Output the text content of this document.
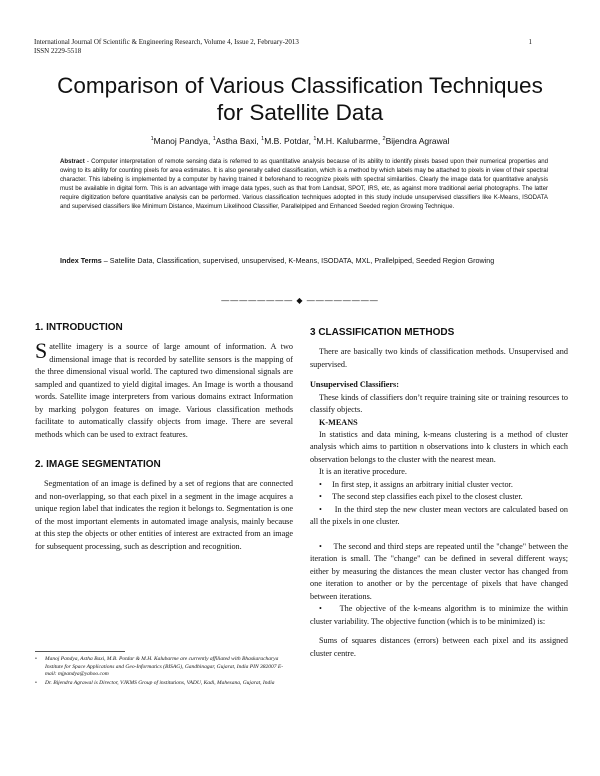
International Journal Of Scientific & Engineering Research, Volume 4, Issue 2, February-2013
ISSN 2229-5518
1
Comparison of Various Classification Techniques
for Satellite Data
$^1$Manoj Pandya, $^1$Astha Baxi, $^1$M.B. Potdar, $^1$M.H. Kalubarme, $^2$Bijendra Agrawal
Abstract - Computer interpretation of remote sensing data is referred to as quantitative analysis because of its ability to identify pixels based upon their numerical properties and owing to its ability for counting pixels for area estimates. It is also generally called classification, which is a method by which labels may be attached to pixels in view of their spectral character. This labeling is implemented by a computer by having trained it beforehand to recognize pixels with spectral similarities. Clearly the image data for quantitative analysis must be available in digital form. This is an advantage with image data types, such as that from Landsat, SPOT, IRS, etc, as against more traditional aerial photographs. The latter require digitization before quantitative analysis can be performed. Various classification techniques adopted in this study include unsupervised classifiers like K-Means, ISODATA and supervised classifiers like Minimum Distance, Maximum Likelihood Classifier, Parallelpiped and Enhanced Seeded region Growing Technique.
Index Terms – Satellite Data, Classification, supervised, unsupervised, K-Means, ISODATA, MXL, Prallelpiped, Seeded Region Growing
———————— ◆ ————————
1. INTRODUCTION

Satellite imagery is a source of large amount of information. A two dimensional image that is recorded by satellite sensors is the mapping of the three dimensional visual world. The captured two dimensional signals are sampled and quantized to yield digital images. An Image is worth a thousand words. Satellite image interpreters from various domains extract Information by marking polygon features on image. Various classification methods facilitate to automatically classify objects from image. There are several methods which can be used to extract features.

2. IMAGE SEGMENTATION

Segmentation of an image is defined by a set of regions that are connected and non-overlapping, so that each pixel in a segment in the image acquires a unique region label that indicates the region it belongs to. Segmentation is one of the most important elements in automated image analysis, mainly because at this step the objects or other entities of interest are extracted from an image for subsequent processing, such as description and recognition.

• Manoj Pandya, Astha Baxi, M.B. Potdar & M.H. Kalubarme are currently affiliated with Bhaskaracharya Institute for Space Applications and Geo-Informatics (BISAG), Gandhinagar, Gujarat, India PIN 382007 E-mail: mjpandya@yahoo.com
• Dr. Bijendra Agrawal is Director, VJKMS Group of institutions, VADU, Kadi, Mahesana, Gujarat, India
3 CLASSIFICATION METHODS

There are basically two kinds of classification methods. Unsupervised and supervised.

Unsupervised Classifiers:

These kinds of classifiers don’t require training site or training resources to classify objects.

K-MEANS

In statistics and data mining, k-means clustering is a method of cluster analysis which aims to partition n observations into k clusters in which each observation belongs to the cluster with the nearest mean.

It is an iterative procedure.

•     In first step, it assigns an arbitrary initial cluster vector.

•     The second step classifies each pixel to the closest cluster.

•     In the third step the new cluster mean vectors are calculated based on all the pixels in one cluster.

•     The second and third steps are repeated until the "change" between the iteration is small. The "change" can be defined in several different ways; either by measuring the distances the mean cluster vector has changed from one iteration to another or by the percentage of pixels that have changed between iterations.

•     The objective of the k-means algorithm is to minimize the within cluster variability. The objective function (which is to be minimized) is:

Sums of squares distances (errors) between each pixel and its assigned cluster centre.
